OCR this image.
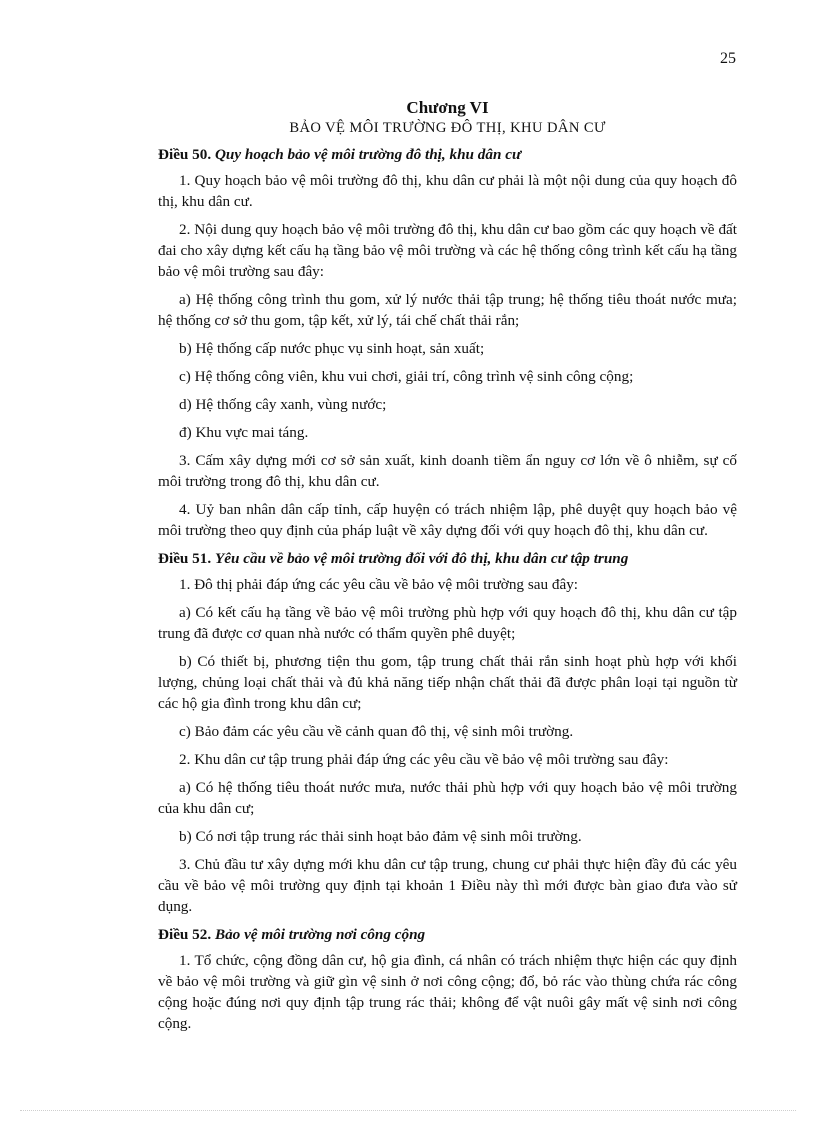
25
Chương VI
BẢO VỆ MÔI TRƯỜNG ĐÔ THỊ, KHU DÂN CƯ
Điều 50. Quy hoạch bảo vệ môi trường đô thị, khu dân cư

1. Quy hoạch bảo vệ môi trường đô thị, khu dân cư phải là một nội dung của quy hoạch đô thị, khu dân cư.

2. Nội dung quy hoạch bảo vệ môi trường đô thị, khu dân cư bao gồm các quy hoạch về đất đai cho xây dựng kết cấu hạ tầng bảo vệ môi trường và các hệ thống công trình kết cấu hạ tầng bảo vệ môi trường sau đây:

a) Hệ thống công trình thu gom, xử lý nước thải tập trung; hệ thống tiêu thoát nước mưa; hệ thống cơ sở thu gom, tập kết, xử lý, tái chế chất thải rắn;

b) Hệ thống cấp nước phục vụ sinh hoạt, sản xuất;

c) Hệ thống công viên, khu vui chơi, giải trí, công trình vệ sinh công cộng;

d) Hệ thống cây xanh, vùng nước;

đ) Khu vực mai táng.

3. Cấm xây dựng mới cơ sở sản xuất, kinh doanh tiềm ẩn nguy cơ lớn về ô nhiễm, sự cố môi trường trong đô thị, khu dân cư.

4. Uỷ ban nhân dân cấp tỉnh, cấp huyện có trách nhiệm lập, phê duyệt quy hoạch bảo vệ môi trường theo quy định của pháp luật về xây dựng đối với quy hoạch đô thị, khu dân cư.

Điều 51. Yêu cầu về bảo vệ môi trường đối với đô thị, khu dân cư tập trung

1. Đô thị phải đáp ứng các yêu cầu về bảo vệ môi trường sau đây:

a) Có kết cấu hạ tầng về bảo vệ môi trường phù hợp với quy hoạch đô thị, khu dân cư tập trung đã được cơ quan nhà nước có thẩm quyền phê duyệt;

b) Có thiết bị, phương tiện thu gom, tập trung chất thải rắn sinh hoạt phù hợp với khối lượng, chủng loại chất thải và đủ khả năng tiếp nhận chất thải đã được phân loại tại nguồn từ các hộ gia đình trong khu dân cư;

c) Bảo đảm các yêu cầu về cảnh quan đô thị, vệ sinh môi trường.

2. Khu dân cư tập trung phải đáp ứng các yêu cầu về bảo vệ môi trường sau đây:

a) Có hệ thống tiêu thoát nước mưa, nước thải phù hợp với quy hoạch bảo vệ môi trường của khu dân cư;

b) Có nơi tập trung rác thải sinh hoạt bảo đảm vệ sinh môi trường.

3. Chủ đầu tư xây dựng mới khu dân cư tập trung, chung cư phải thực hiện đầy đủ các yêu cầu về bảo vệ môi trường quy định tại khoản 1 Điều này thì mới được bàn giao đưa vào sử dụng.

Điều 52. Bảo vệ môi trường nơi công cộng

1. Tổ chức, cộng đồng dân cư, hộ gia đình, cá nhân có trách nhiệm thực hiện các quy định về bảo vệ môi trường và giữ gìn vệ sinh ở nơi công cộng; đổ, bỏ rác vào thùng chứa rác công cộng hoặc đúng nơi quy định tập trung rác thải; không để vật nuôi gây mất vệ sinh nơi công cộng.
